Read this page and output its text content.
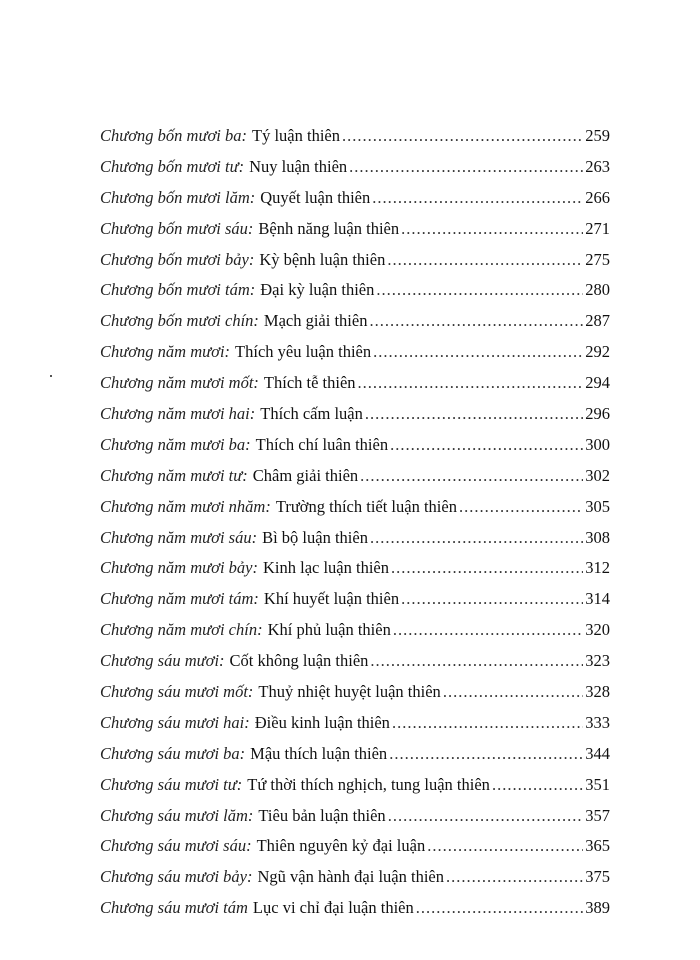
Chương bốn mươi ba: Tý luận thiên .....	259
Chương bốn mươi tư: Nuy luận thiên .....	263
Chương bốn mươi lăm: Quyết luận thiên .....	266
Chương bốn mươi sáu: Bệnh năng luận thiên .....	271
Chương bốn mươi bảy: Kỳ bệnh luận thiên .....	275
Chương bốn mươi tám: Đại kỳ luận thiên .....	280
Chương bốn mươi chín: Mạch giải thiên .....	287
Chương năm mươi: Thích yêu luận thiên .....	292
Chương năm mươi mốt: Thích tễ thiên .....	294
Chương năm mươi hai: Thích cấm luận .....	296
Chương năm mươi ba: Thích chí luân thiên .....	300
Chương năm mươi tư: Châm giải thiên .....	302
Chương năm mươi nhăm: Trường thích tiết luận thiên .....	305
Chương năm mươi sáu: Bì bộ luận thiên .....	308
Chương năm mươi bảy: Kinh lạc luận thiên .....	312
Chương năm mươi tám: Khí huyết luận thiên .....	314
Chương năm mươi chín: Khí phủ luận thiên .....	320
Chương sáu mươi: Cốt không luận thiên .....	323
Chương sáu mươi mốt: Thuỷ nhiệt huyệt luận thiên .....	328
Chương sáu mươi hai: Điều kinh luận thiên .....	333
Chương sáu mươi ba: Mậu thích luận thiên .....	344
Chương sáu mươi tư: Tứ thời thích nghịch, tung luận thiên .....	351
Chương sáu mươi lăm: Tiêu bản luận thiên .....	357
Chương sáu mươi sáu: Thiên nguyên kỷ đại luận .....	365
Chương sáu mươi bảy: Ngũ vận hành đại luận thiên .....	375
Chương sáu mươi tám Lục vi chỉ đại luận thiên .....	389
